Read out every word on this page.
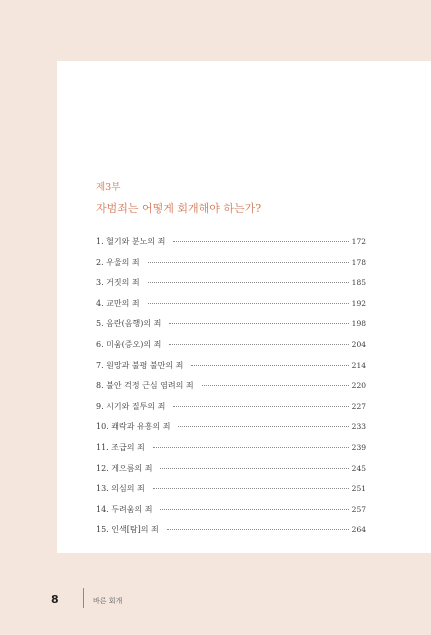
제3부

자범죄는 어떻게 회개해야 하는가?

1. 혈기와 분노의 죄	172
2. 우울의 죄	178
3. 거짓의 죄	185
4. 교만의 죄	192
5. 음란(음행)의 죄	198
6. 미움(증오)의 죄	204
7. 원망과 불평 불만의 죄	214
8. 불안 걱정 근심 염려의 죄	220
9. 시기와 질투의 죄	227
10. 쾌락과 유흥의 죄	233
11. 조급의 죄	239
12. 게으름의 죄	245
13. 의심의 죄	251
14. 두려움의 죄	257
15. 인색[탐]의 죄	264
8	바른 회개
